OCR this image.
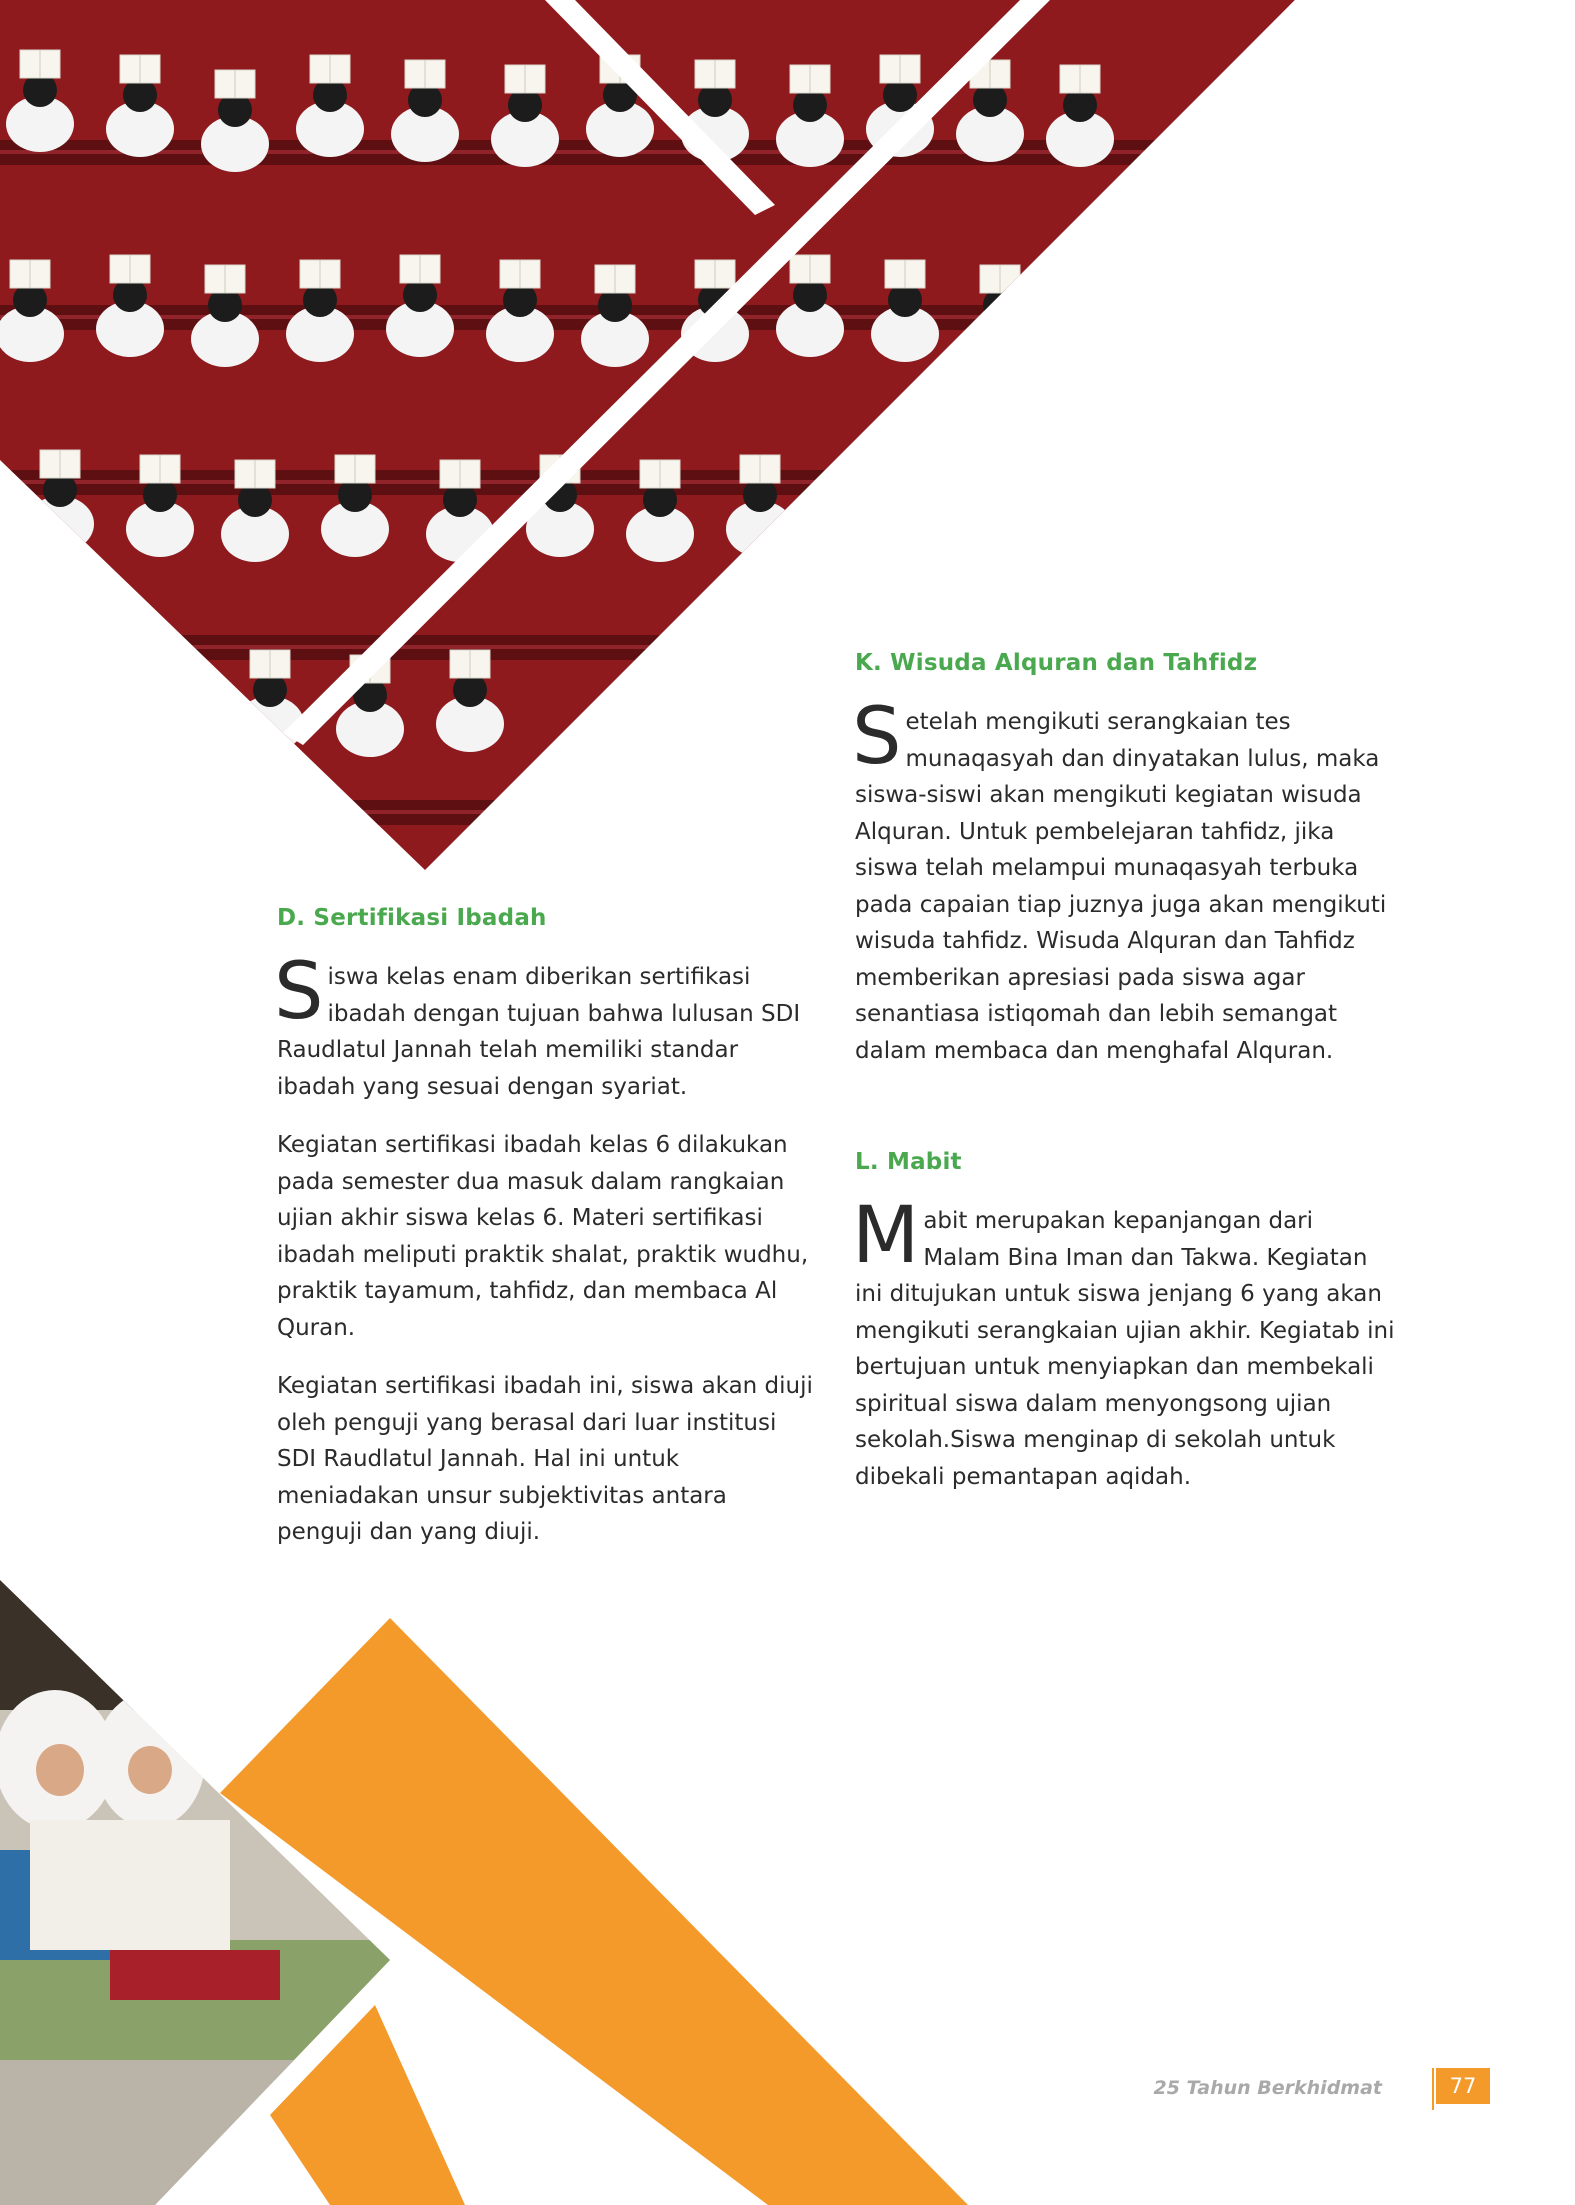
D. Sertifikasi Ibadah

Siswa kelas enam diberikan sertifikasi ibadah dengan tujuan bahwa lulusan SDI Raudlatul Jannah telah memiliki standar ibadah yang sesuai dengan syariat.

Kegiatan sertifikasi ibadah kelas 6 dilakukan pada semester dua masuk dalam rangkaian ujian akhir siswa kelas 6. Materi sertifikasi ibadah meliputi praktik shalat, praktik wudhu, praktik tayamum, tahfidz, dan membaca Al Quran.

Kegiatan sertifikasi ibadah ini, siswa akan diuji oleh penguji yang berasal dari luar institusi SDI Raudlatul Jannah. Hal ini untuk meniadakan unsur subjektivitas antara penguji dan yang diuji.

K. Wisuda Alquran dan Tahfidz

Setelah mengikuti serangkaian tes munaqasyah dan dinyatakan lulus, maka siswa-siswi akan mengikuti kegiatan wisuda Alquran. Untuk pembelejaran tahfidz, jika siswa telah melampui munaqasyah terbuka pada capaian tiap juznya juga akan mengikuti wisuda tahfidz. Wisuda Alquran dan Tahfidz memberikan apresiasi pada siswa agar senantiasa istiqomah dan lebih semangat dalam membaca dan menghafal Alquran.

L. Mabit

Mabit merupakan kepanjangan dari Malam Bina Iman dan Takwa. Kegiatan ini ditujukan untuk siswa jenjang 6 yang akan mengikuti serangkaian ujian akhir. Kegiatab ini bertujuan untuk menyiapkan dan membekali spiritual siswa dalam menyongsong ujian sekolah.Siswa menginap di sekolah untuk dibekali pemantapan aqidah.

25 Tahun Berkhidmat	77
